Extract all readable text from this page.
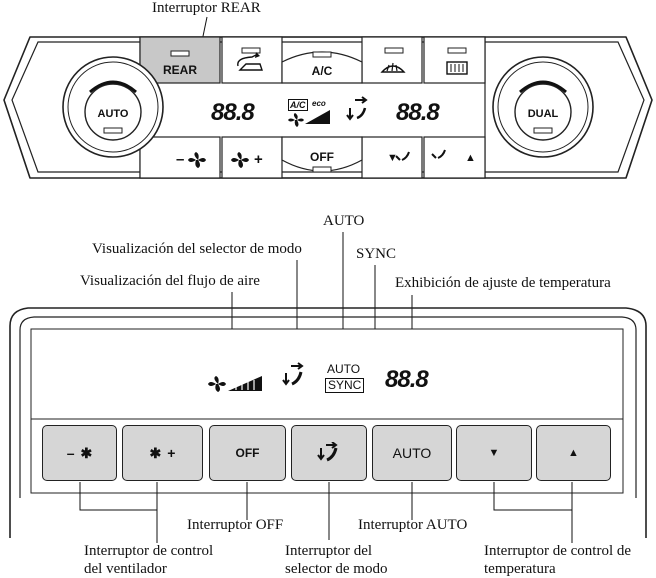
Interruptor REAR
REAR	A/C
OFF
AUTO	DUAL
88.8	88.8
A/C eco
–	+	▼	▲
AUTO
Visualización del selector de modo	SYNC
Visualización del flujo de aire	Exhibición de ajuste de temperatura
AUTO
SYNC 88.8
– ✱	✱ +	OFF	AUTO	▼	▲
Interruptor OFF	Interruptor AUTO
Interruptor de control
del ventilador
Interruptor del
selector de modo
Interruptor de control de
temperatura
